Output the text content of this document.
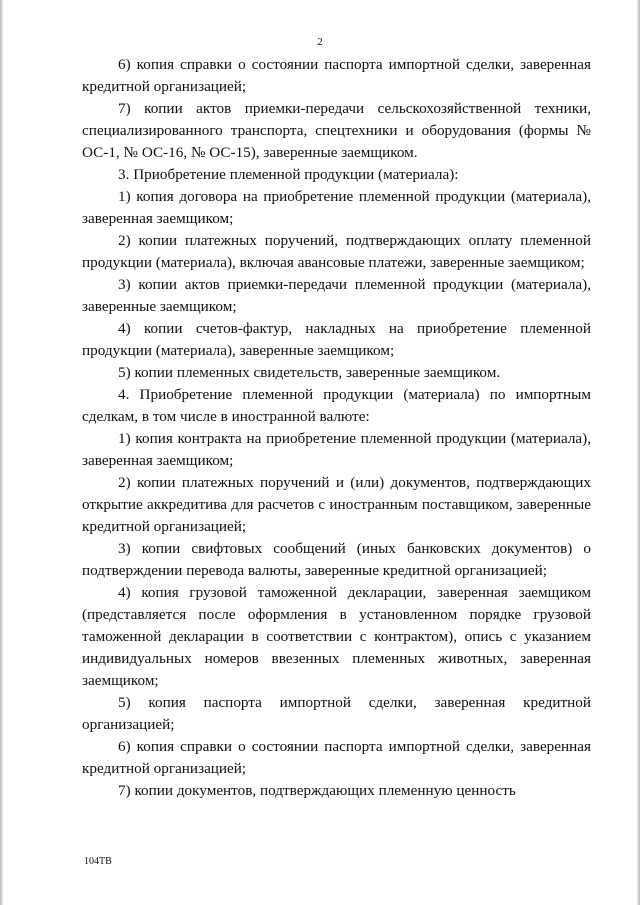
2

6) копия справки о состоянии паспорта импортной сделки, заверенная кредитной организацией;

7) копии актов приемки-передачи сельскохозяйственной техники, специализированного транспорта, спецтехники и оборудования (формы № ОС-1, № ОС-16, № ОС-15), заверенные заемщиком.

3. Приобретение племенной продукции (материала):

1) копия договора на приобретение племенной продукции (материала), заверенная заемщиком;

2) копии платежных поручений, подтверждающих оплату племенной продукции (материала), включая авансовые платежи, заверенные заемщиком;

3) копии актов приемки-передачи племенной продукции (материала), заверенные заемщиком;

4) копии счетов-фактур, накладных на приобретение племенной продукции (материала), заверенные заемщиком;

5) копии племенных свидетельств, заверенные заемщиком.

4. Приобретение племенной продукции (материала) по импортным сделкам, в том числе в иностранной валюте:

1) копия контракта на приобретение племенной продукции (материала), заверенная заемщиком;

2) копии платежных поручений и (или) документов, подтверждающих открытие аккредитива для расчетов с иностранным поставщиком, заверенные кредитной организацией;

3) копии свифтовых сообщений (иных банковских документов) о подтверждении перевода валюты, заверенные кредитной организацией;

4) копия грузовой таможенной декларации, заверенная заемщиком (представляется после оформления в установленном порядке грузовой таможенной декларации в соответствии с контрактом), опись с указанием индивидуальных номеров ввезенных племенных животных, заверенная заемщиком;

5) копия паспорта импортной сделки, заверенная кредитной организацией;

6) копия справки о состоянии паспорта импортной сделки, заверенная кредитной организацией;

7) копии документов, подтверждающих племенную ценность

104ТВ
